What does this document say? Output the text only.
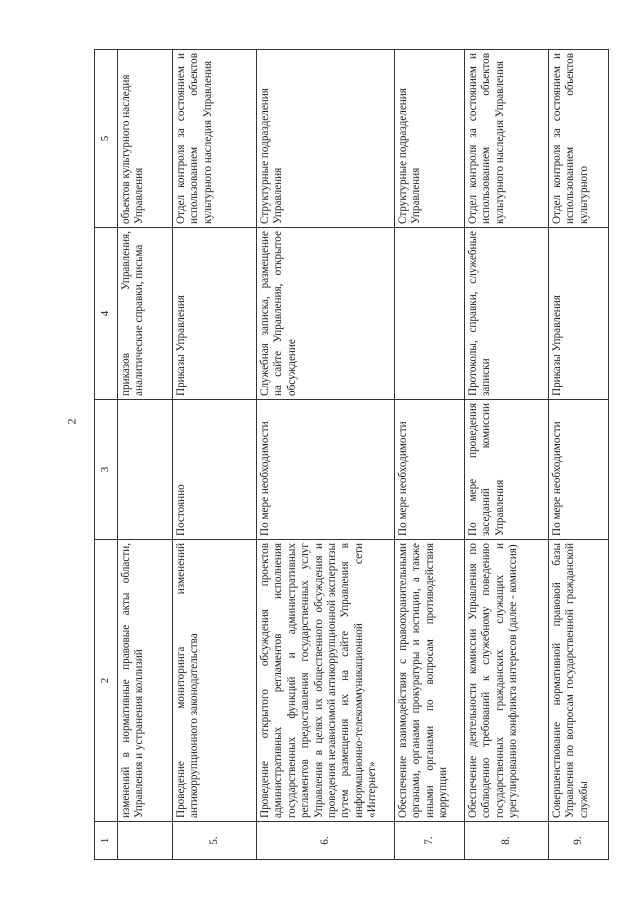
2
1	2	3	4	5
	изменений в нормативные правовые акты области, Управления и устранения коллизий		приказов Управления, аналитические справки, письма	объектов культурного наследия Управления
5.	Проведение мониторинга изменений антикоррупционного законодательства	Постоянно	Приказы Управления	Отдел контроля за состоянием и использованием объектов культурного наследия Управления
6.	Проведение открытого обсуждения проектов административных регламентов исполнения государственных функций и административных регламентов предоставления государственных услуг Управления в целях их общественного обсуждения и проведения независимой антикоррупционной экспертизы путем размещения их на сайте Управления в информационно-телекоммуникационной сети «Интернет»	По мере необходимости	Служебная записка, размещение на сайте Управления, открытое обсуждение	Структурные подразделения Управления
7.	Обеспечение взаимодействия с правоохранительными органами, органами прокуратуры и юстиции, а также иными органами по вопросам противодействия коррупции	По мере необходимости		Структурные подразделения Управления
8.	Обеспечение деятельности комиссии Управления по соблюдению требований к служебному поведению государственных гражданских служащих и урегулированию конфликта интересов (далее - комиссия)	По мере проведения заседаний комиссии Управления	Протоколы, справки, служебные записки	Отдел контроля за состоянием и использованием объектов культурного наследия Управления
9.	Совершенствование нормативной правовой базы Управления по вопросам государственной гражданской службы	По мере необходимости	Приказы Управления	Отдел контроля за состоянием и использованием объектов культурного
